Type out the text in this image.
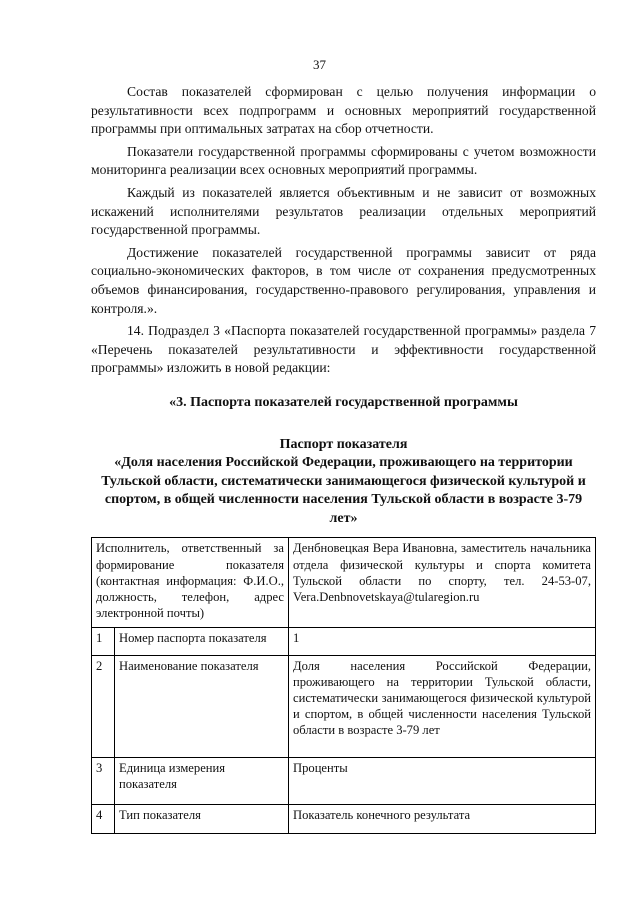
37

Состав показателей сформирован с целью получения информации о результативности всех подпрограмм и основных мероприятий государственной программы при оптимальных затратах на сбор отчетности.

Показатели государственной программы сформированы с учетом возможности мониторинга реализации всех основных мероприятий программы.

Каждый из показателей является объективным и не зависит от возможных искажений исполнителями результатов реализации отдельных мероприятий государственной программы.

Достижение показателей государственной программы зависит от ряда социально-экономических факторов, в том числе от сохранения предусмотренных объемов финансирования, государственно-правового регулирования, управления и контроля.».

14. Подраздел 3 «Паспорта показателей государственной программы» раздела 7 «Перечень показателей результативности и эффективности государственной программы» изложить в новой редакции:

«3. Паспорта показателей государственной программы
Паспорт показателя
«Доля населения Российской Федерации, проживающего на территории Тульской области, систематически занимающегося физической культурой и спортом, в общей численности населения Тульской области в возрасте 3-79 лет»
Исполнитель, ответственный за формирование показателя (контактная информация: Ф.И.О., должность, телефон, адрес электронной почты)		Денбновецкая Вера Ивановна, заместитель начальника отдела физической культуры и спорта комитета Тульской области по спорту, тел. 24-53-07, Vera.Denbnovetskaya@tularegion.ru
1	Номер паспорта показателя	1
2	Наименование показателя	Доля населения Российской Федерации, проживающего на территории Тульской области, систематически занимающегося физической культурой и спортом, в общей численности населения Тульской области в возрасте 3-79 лет
3	Единица измерения показателя	Проценты
4	Тип показателя	Показатель конечного результата
